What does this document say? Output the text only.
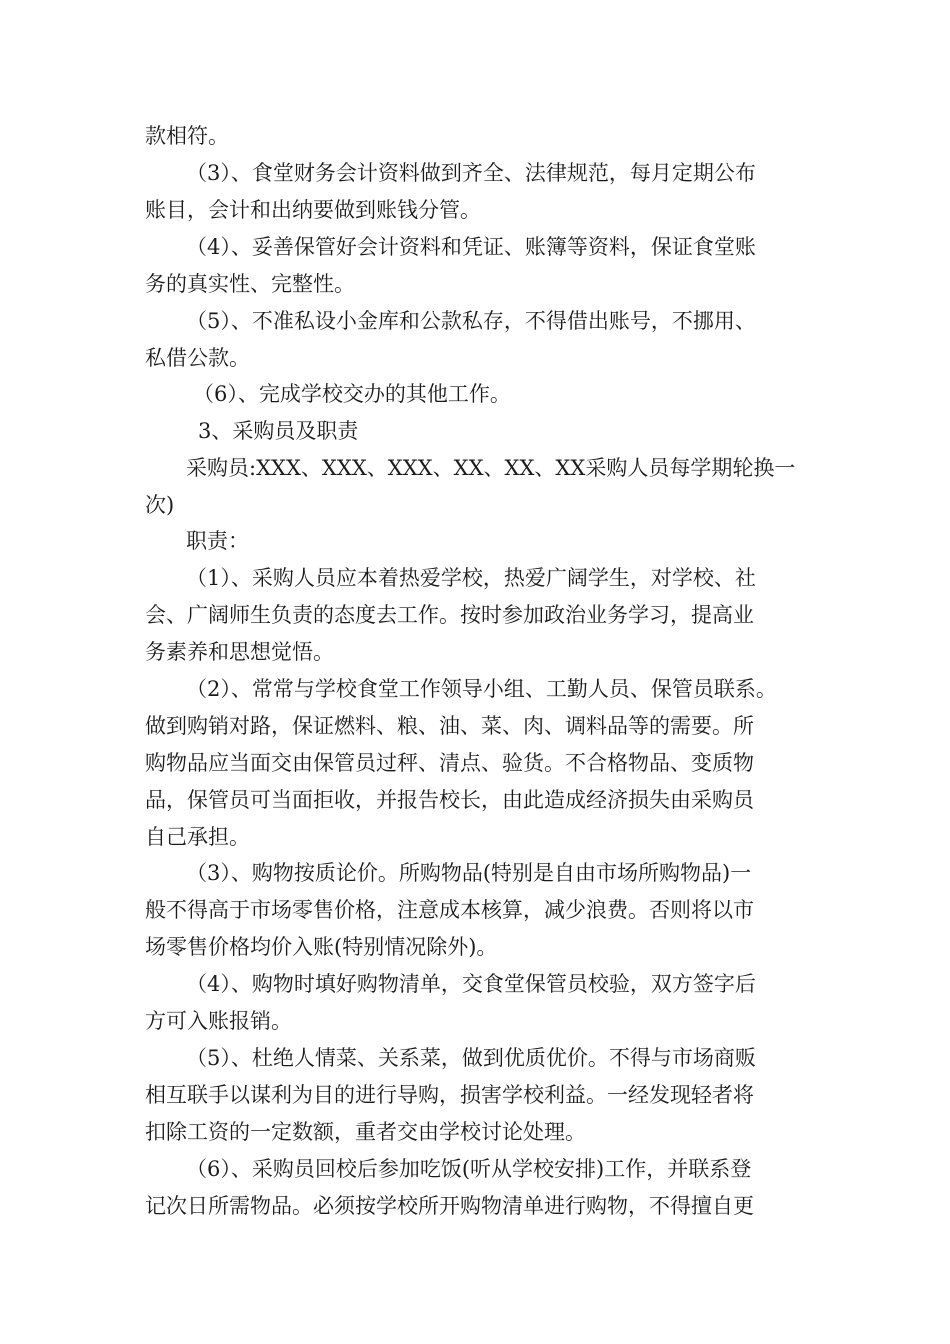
款相符。

（3）、食堂财务会计资料做到齐全、法律规范，每月定期公布

账目，会计和出纳要做到账钱分管。

（4）、妥善保管好会计资料和凭证、账簿等资料，保证食堂账

务的真实性、完整性。

（5）、不准私设小金库和公款私存，不得借出账号，不挪用、

私借公款。

（6）、完成学校交办的其他工作。

3、采购员及职责

采购员:XXX、XXX、XXX、XX、XX、XX采购人员每学期轮换一

次)

职责：

（1）、采购人员应本着热爱学校，热爱广阔学生，对学校、社

会、广阔师生负责的态度去工作。按时参加政治业务学习，提高业

务素养和思想觉悟。

（2）、常常与学校食堂工作领导小组、工勤人员、保管员联系。

做到购销对路，保证燃料、粮、油、菜、肉、调料品等的需要。所

购物品应当面交由保管员过秤、清点、验货。不合格物品、变质物

品，保管员可当面拒收，并报告校长，由此造成经济损失由采购员

自己承担。

（3）、购物按质论价。所购物品(特别是自由市场所购物品)一

般不得高于市场零售价格，注意成本核算，减少浪费。否则将以市

场零售价格均价入账(特别情况除外)。

（4）、购物时填好购物清单，交食堂保管员校验，双方签字后

方可入账报销。

（5）、杜绝人情菜、关系菜，做到优质优价。不得与市场商贩

相互联手以谋利为目的进行导购，损害学校利益。一经发现轻者将

扣除工资的一定数额，重者交由学校讨论处理。

（6）、采购员回校后参加吃饭(听从学校安排)工作，并联系登

记次日所需物品。必须按学校所开购物清单进行购物，不得擅自更
